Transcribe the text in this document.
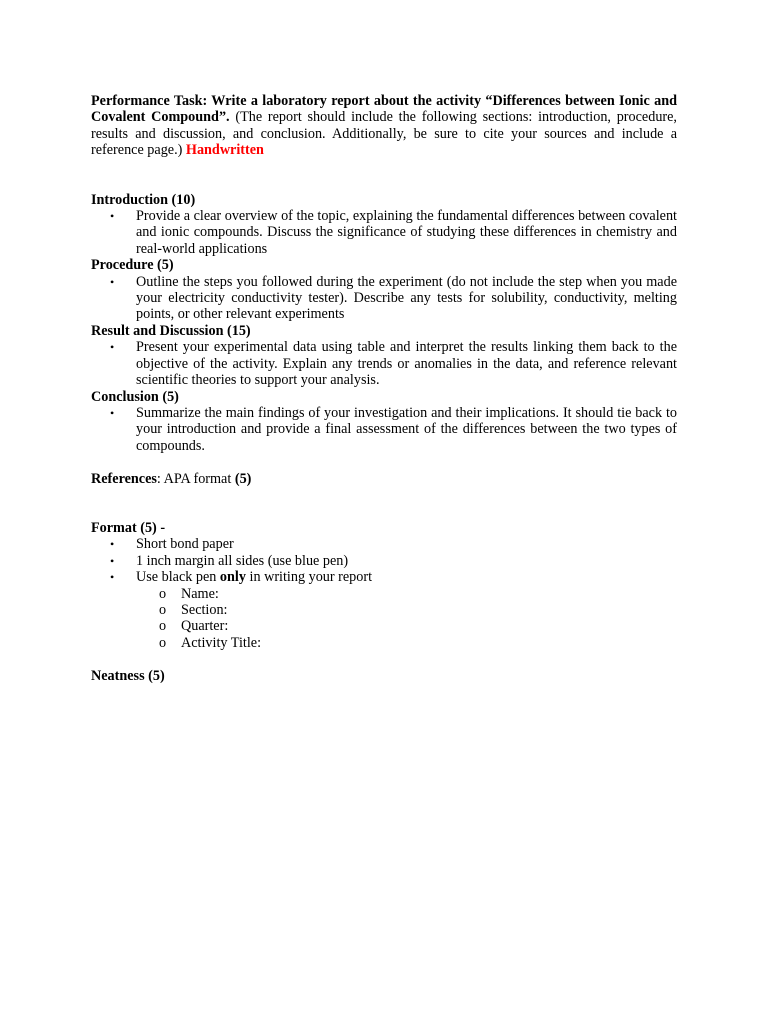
Performance Task: Write a laboratory report about the activity “Differences between Ionic and Covalent Compound”. (The report should include the following sections: introduction, procedure, results and discussion, and conclusion. Additionally, be sure to cite your sources and include a reference page.) Handwritten

Introduction (10)
• Provide a clear overview of the topic, explaining the fundamental differences between covalent and ionic compounds. Discuss the significance of studying these differences in chemistry and real-world applications
Procedure (5)
• Outline the steps you followed during the experiment (do not include the step when you made your electricity conductivity tester). Describe any tests for solubility, conductivity, melting points, or other relevant experiments
Result and Discussion (15)
• Present your experimental data using table and interpret the results linking them back to the objective of the activity. Explain any trends or anomalies in the data, and reference relevant scientific theories to support your analysis.
Conclusion (5)
• Summarize the main findings of your investigation and their implications. It should tie back to your introduction and provide a final assessment of the differences between the two types of compounds.
References: APA format (5)
Format (5) -
• Short bond paper
• 1 inch margin all sides (use blue pen)
• Use black pen only in writing your report
o Name:
o Section:
o Quarter:
o Activity Title:
Neatness (5)
